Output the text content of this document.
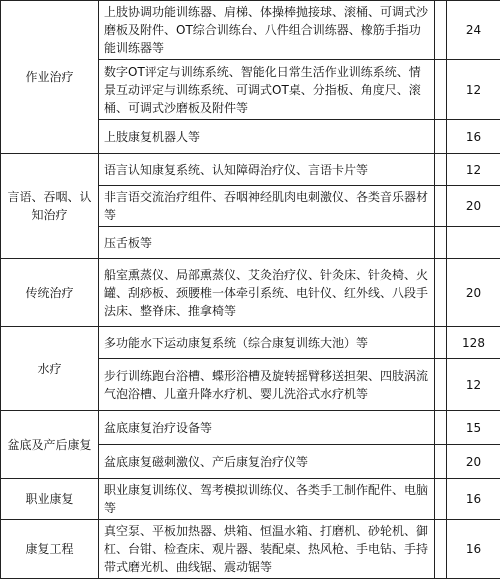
作业治疗	上肢协调功能训练器、肩梯、体操棒抛接球、滚桶、可调式沙磨板及附件、OT综合训练台、八件组合训练器、橡筋手指功能训练器等		24
	数字OT评定与训练系统、智能化日常生活作业训练系统、情景互动评定与训练系统、可调式OT桌、分指板、角度尺、滚桶、可调式沙磨板及附件等		12
	上肢康复机器人等		16
言语、吞咽、认知治疗	语言认知康复系统、认知障碍治疗仪、言语卡片等		12
	非言语交流治疗组件、吞咽神经肌肉电刺激仪、各类音乐器材等		20
	压舌板等		
传统治疗	船室熏蒸仪、局部熏蒸仪、艾灸治疗仪、针灸床、针灸椅、火罐、刮痧板、颈腰椎一体牵引系统、电针仪、红外线、八段手法床、整脊床、推拿椅等		20
水疗	多功能水下运动康复系统（综合康复训练大池）等		128
	步行训练跑台浴槽、蝶形浴槽及旋转摇臂移送担架、四肢涡流气泡浴槽、儿童升降水疗机、婴儿洗浴式水疗机等		12
盆底及产后康复	盆底康复治疗设备等		15
	盆底康复磁刺激仪、产后康复治疗仪等		20
职业康复	职业康复训练仪、驾考模拟训练仪、各类手工制作配件、电脑等		16
康复工程	真空泵、平板加热器、烘箱、恒温水箱、打磨机、砂轮机、御杠、台钳、检查床、观片器、装配桌、热风枪、手电钻、手持带式磨光机、曲线锯、震动锯等		16
